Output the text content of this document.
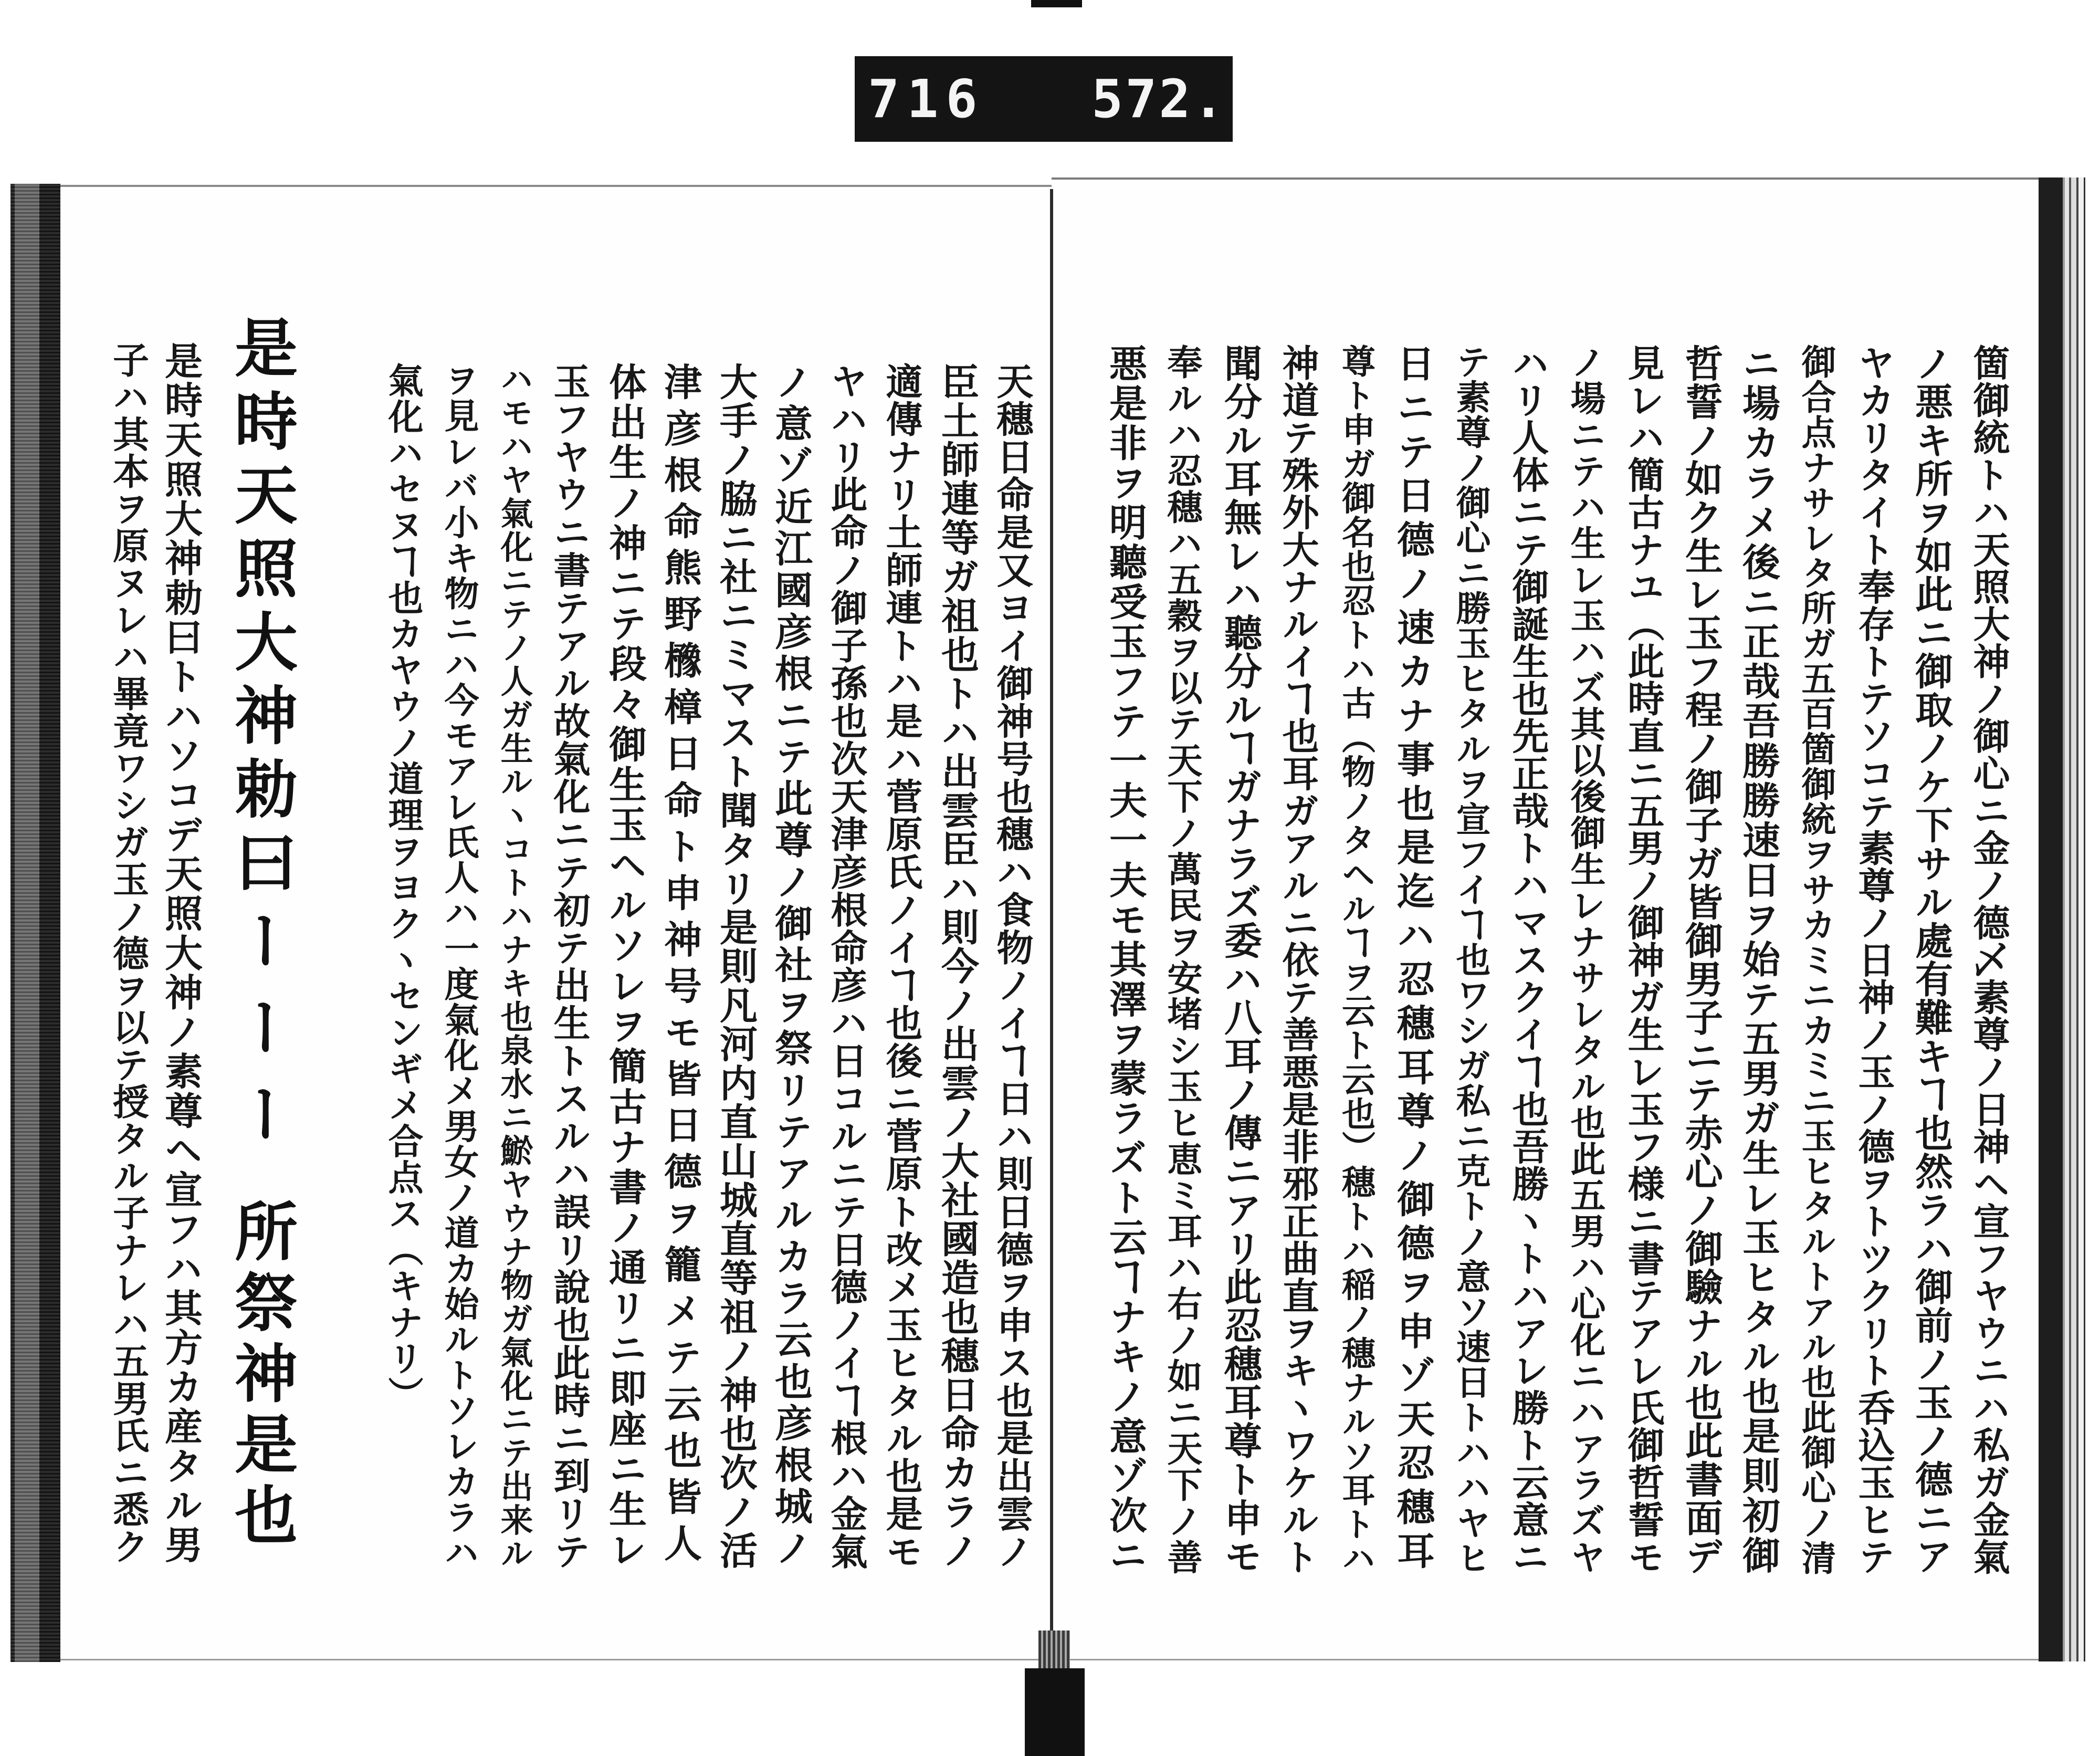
716 572.
箇御統トハ天照大神ノ御心ニ金ノ德乄素尊ノ日神ヘ宣フヤウニハ私ガ金氣
ノ悪キ所ヲ如此ニ御取ノケ下サル處有難キヿ也然ラハ御前ノ玉ノ德ニア
ヤカリタイト奉存トテソコテ素尊ノ日神ノ玉ノ德ヲトツクリト呑込玉ヒテ
御合点ナサレタ所ガ五百箇御統ヲサカミニカミニ玉ヒタルトアル也此御心ノ清
ニ場カラメ後ニ正哉吾勝勝速日ヲ始テ五男ガ生レ玉ヒタル也是則初御
哲誓ノ如ク生レ玉フ程ノ御子ガ皆御男子ニテ赤心ノ御驗ナル也此書面デ
見レハ簡古ナユ（此時直ニ五男ノ御神ガ生レ玉フ様ニ書テアレ氏御哲誓モ
ノ場ニテハ生レ玉ハズ其以後御生レナサレタル也此五男ハ心化ニハアラズヤ
ハリ人体ニテ御誕生也先正哉トハマスクイヿ也吾勝ヽトハアレ勝ト云意ニ
テ素尊ノ御心ニ勝玉ヒタルヲ宣フイヿ也ワシガ私ニ克トノ意ソ速日トハハヤヒ
日ニテ日德ノ速カナ事也是迄ハ忍穗耳尊ノ御德ヲ申ゾ天忍穗耳
尊ト申ガ御名也忍トハ古（物ノタヘルヿヲ云ト云也）穗トハ稲ノ穗ナルソ耳トハ
神道テ殊外大ナルイヿ也耳ガアルニ依テ善悪是非邪正曲直ヲキヽワケルト
聞分ル耳無レハ聽分ルヿガナラズ委ハ八耳ノ傳ニアリ此忍穗耳尊ト申モ
奉ルハ忍穗ハ五穀ヲ以テ天下ノ萬民ヲ安堵シ玉ヒ恵ミ耳ハ右ノ如ニ天下ノ善
悪是非ヲ明聽受玉フテ一夫一夫モ其澤ヲ蒙ラズト云ヿナキノ意ゾ次ニ
天穗日命是又ヨイ御神号也穗ハ食物ノイヿ日ハ則日德ヲ申ス也是出雲ノ
臣土師連等ガ祖也トハ出雲臣ハ則今ノ出雲ノ大社國造也穗日命カラノ
適傳ナリ土師連トハ是ハ菅原氏ノイヿ也後ニ菅原ト改メ玉ヒタル也是モ
ヤハリ此命ノ御子孫也次天津彦根命彦ハ日コルニテ日德ノイヿ根ハ金氣
ノ意ゾ近江國彦根ニテ此尊ノ御社ヲ祭リテアルカラ云也彦根城ノ
大手ノ脇ニ社ニミマスト聞タリ是則凡河内直山城直等祖ノ神也次ノ活
津彦根命熊野櫲樟日命ト申神号モ皆日德ヲ籠メテ云也皆人
体出生ノ神ニテ段々御生玉ヘルソレヲ簡古ナ書ノ通リニ即座ニ生レ
玉フヤウニ書テアル故氣化ニテ初テ出生トスルハ誤リ說也此時ニ到リテ
ハモハヤ氣化ニテノ人ガ生ルヽコトハナキ也泉水ニ鯲ヤウナ物ガ氣化ニテ出来ル
ヲ見レバ小キ物ニハ今モアレ氏人ハ一度氣化メ男女ノ道カ始ルトソレカラハ
氣化ハセヌヿ也カヤウノ道理ヲヨクヽセンギメ合点ス（キナリ）
是時天照大神勅曰トハソコデ天照大神ノ素尊ヘ宣フハ其方カ産タル男
子ハ其本ヲ原ヌレハ畢竟ワシガ玉ノ德ヲ以テ授タル子ナレハ五男氏ニ悉ク 是時天照大神勅曰
ーーー
所祭神是也
